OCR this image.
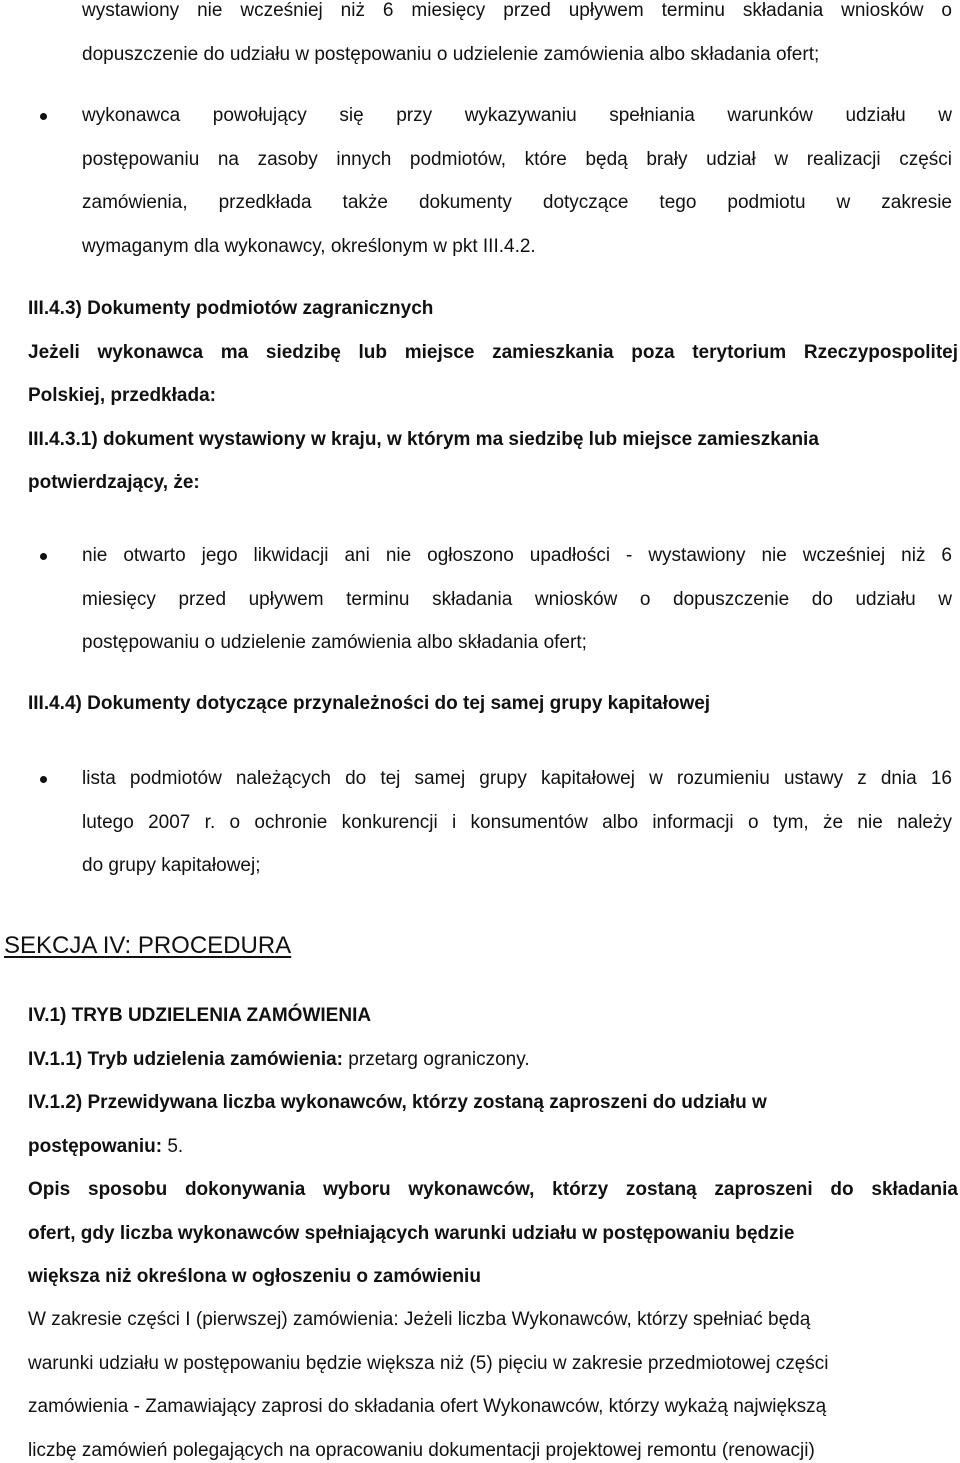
wystawiony nie wcześniej niż 6 miesięcy przed upływem terminu składania wniosków o
dopuszczenie do udziału w postępowaniu o udzielenie zamówienia albo składania ofert;
wykonawca powołujący się przy wykazywaniu spełniania warunków udziału w
postępowaniu na zasoby innych podmiotów, które będą brały udział w realizacji części
zamówienia, przedkłada także dokumenty dotyczące tego podmiotu w zakresie
wymaganym dla wykonawcy, określonym w pkt III.4.2.
III.4.3) Dokumenty podmiotów zagranicznych
Jeżeli wykonawca ma siedzibę lub miejsce zamieszkania poza terytorium Rzeczypospolitej
Polskiej, przedkłada:
III.4.3.1) dokument wystawiony w kraju, w którym ma siedzibę lub miejsce zamieszkania
potwierdzający, że:
nie otwarto jego likwidacji ani nie ogłoszono upadłości - wystawiony nie wcześniej niż 6
miesięcy przed upływem terminu składania wniosków o dopuszczenie do udziału w
postępowaniu o udzielenie zamówienia albo składania ofert;
III.4.4) Dokumenty dotyczące przynależności do tej samej grupy kapitałowej
lista podmiotów należących do tej samej grupy kapitałowej w rozumieniu ustawy z dnia 16
lutego 2007 r. o ochronie konkurencji i konsumentów albo informacji o tym, że nie należy
do grupy kapitałowej;
SEKCJA IV: PROCEDURA
IV.1) TRYB UDZIELENIA ZAMÓWIENIA
IV.1.1) Tryb udzielenia zamówienia: przetarg ograniczony.
IV.1.2) Przewidywana liczba wykonawców, którzy zostaną zaproszeni do udziału w
postępowaniu: 5.
Opis sposobu dokonywania wyboru wykonawców, którzy zostaną zaproszeni do składania
ofert, gdy liczba wykonawców spełniających warunki udziału w postępowaniu będzie
większa niż określona w ogłoszeniu o zamówieniu
W zakresie części I (pierwszej) zamówienia: Jeżeli liczba Wykonawców, którzy spełniać będą
warunki udziału w postępowaniu będzie większa niż (5) pięciu w zakresie przedmiotowej części
zamówienia - Zamawiający zaprosi do składania ofert Wykonawców, którzy wykażą największą
liczbę zamówień polegających na opracowaniu dokumentacji projektowej remontu (renowacji)
